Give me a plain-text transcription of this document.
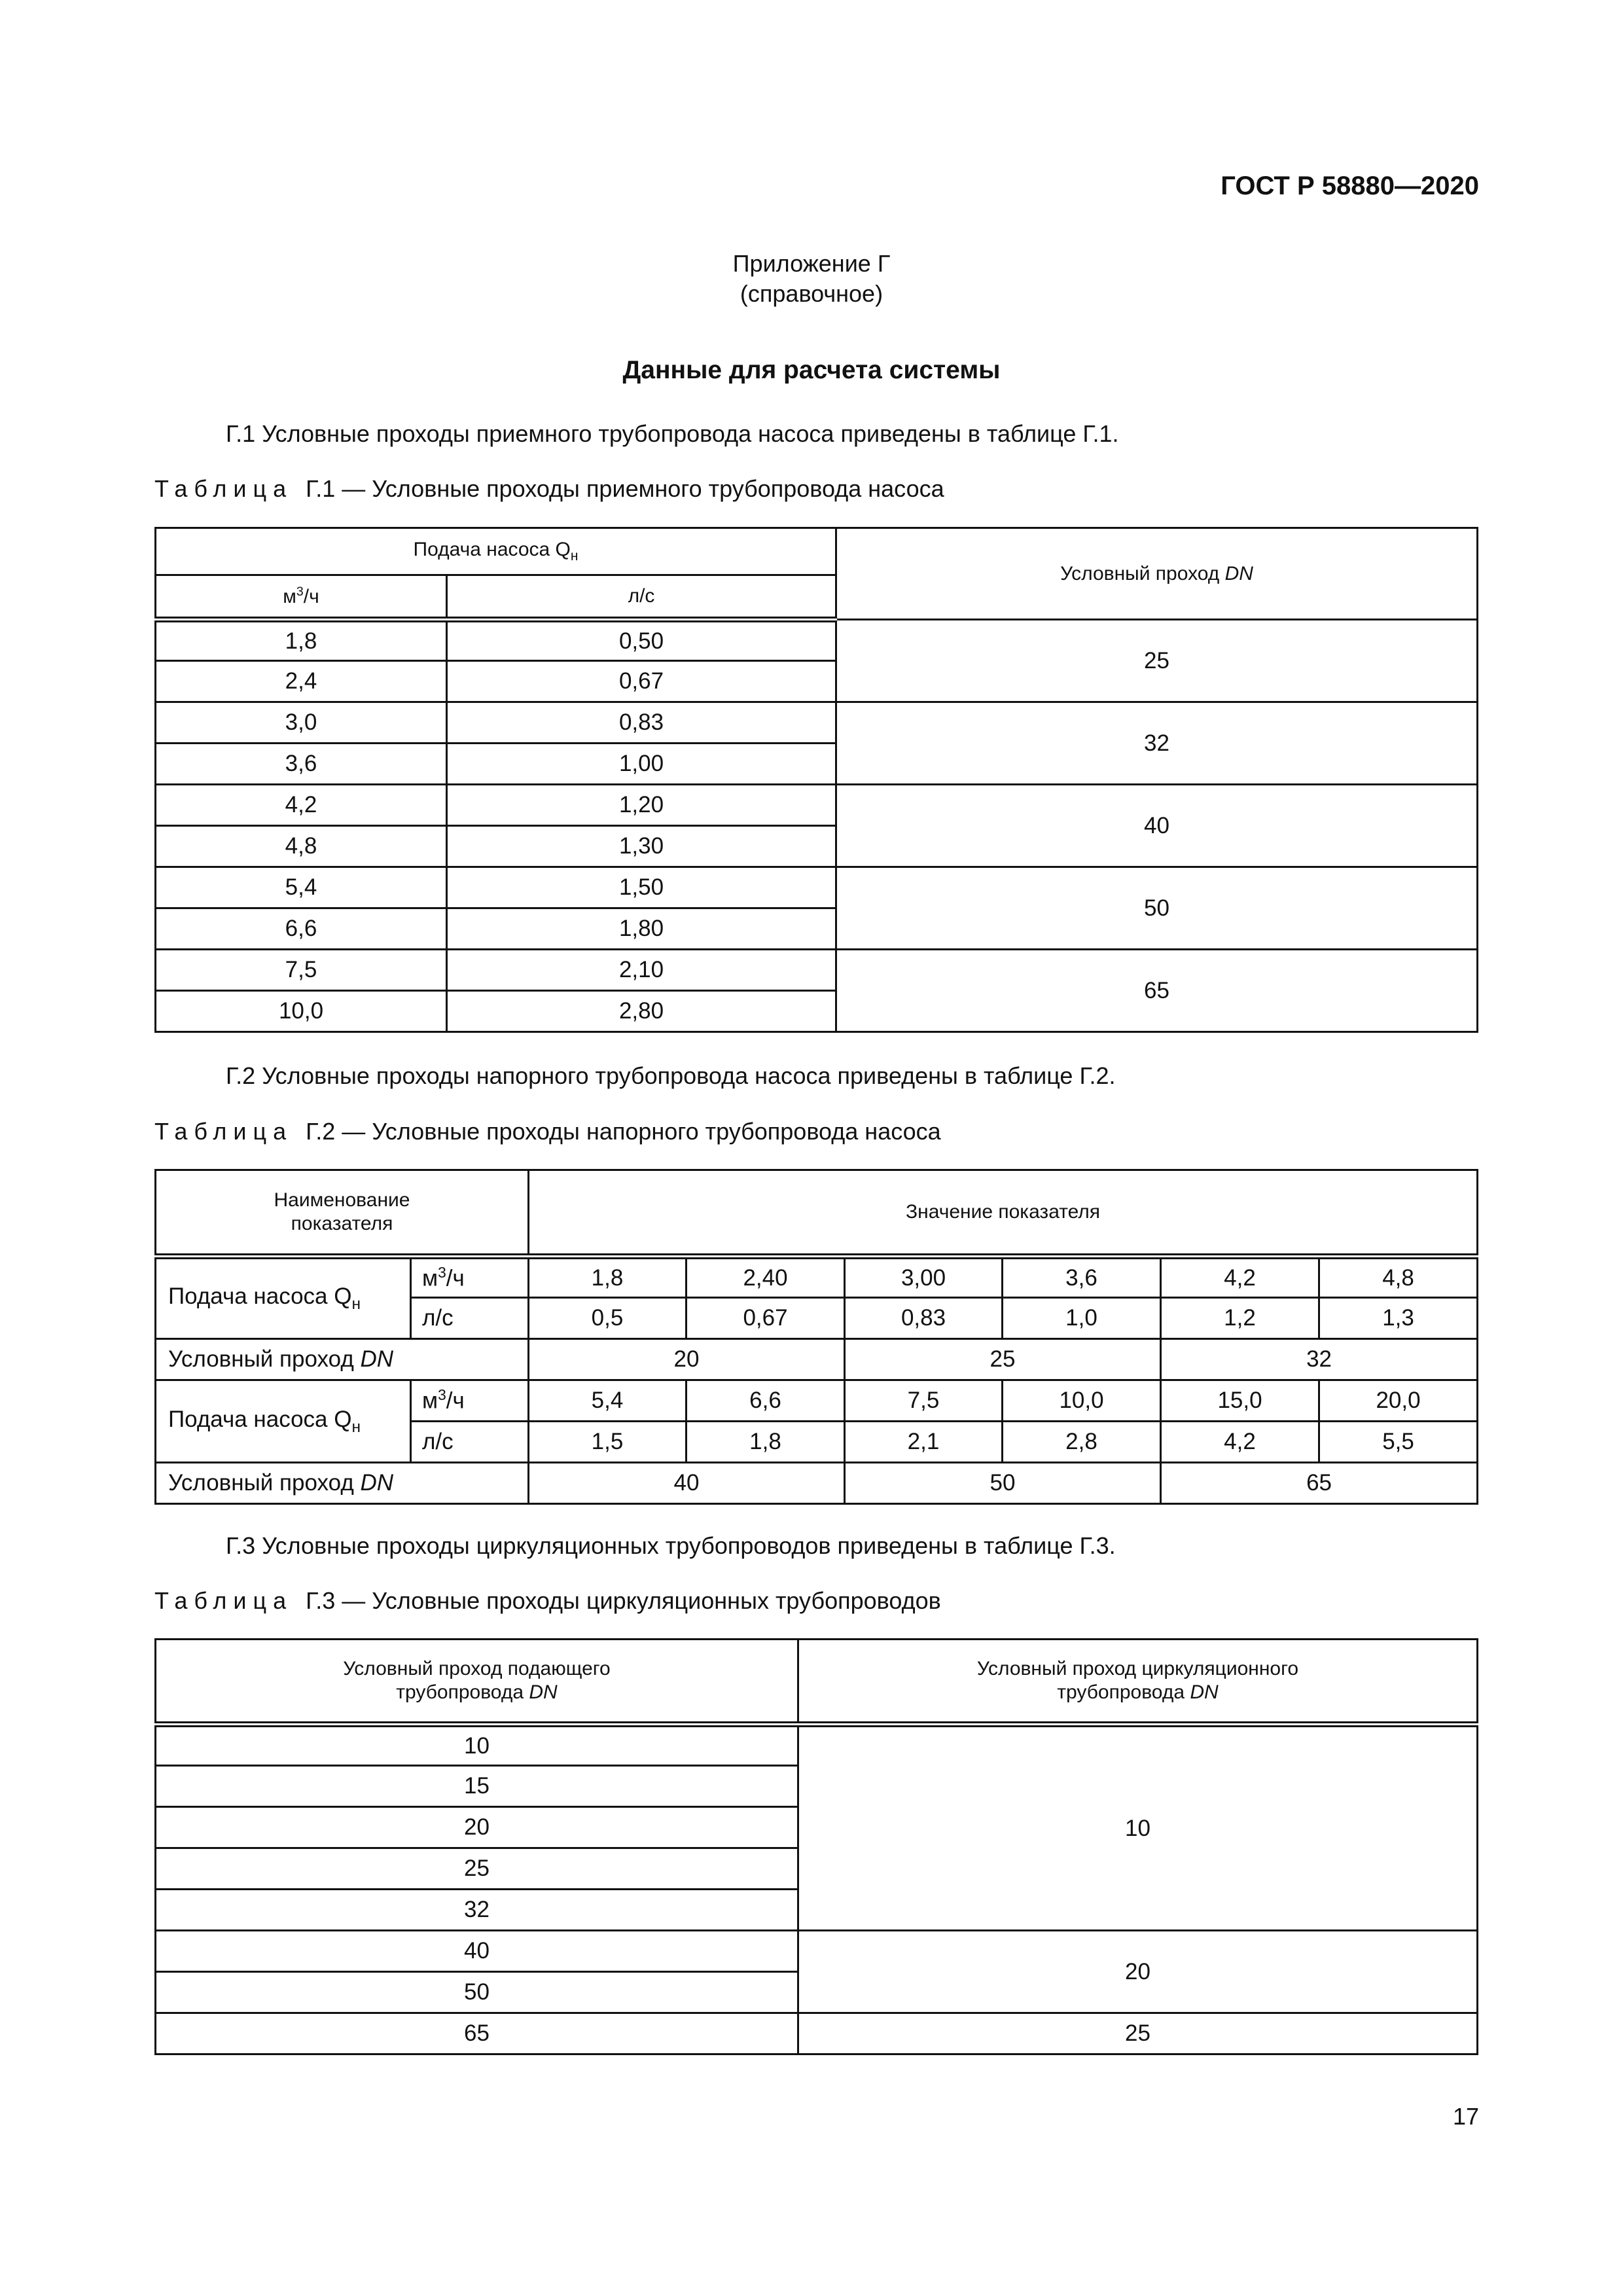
ГОСТ Р 58880—2020
Приложение Г
(справочное)
Данные для расчета системы
Г.1 Условные проходы приемного трубопровода насоса приведены в таблице Г.1.
Таблица Г.1 — Условные проходы приемного трубопровода насоса
Подача насоса $Q_н$		Условный проход DN
$м^3/ч$	л/с	
1,8	0,50	25
2,4	0,67	
3,0	0,83	32
3,6	1,00	
4,2	1,20	40
4,8	1,30	
5,4	1,50	50
6,6	1,80	
7,5	2,10	65
10,0	2,80	
Г.2 Условные проходы напорного трубопровода насоса приведены в таблице Г.2.
Таблица Г.2 — Условные проходы напорного трубопровода насоса
Наименование
показателя		Значение показателя					
Подача насоса $Q_н$	$м^3/ч$	1,8	2,40	3,00	3,6	4,2	4,8
	л/с	0,5	0,67	0,83	1,0	1,2	1,3
Условный проход DN		20		25		32	
Подача насоса $Q_н$	$м^3/ч$	5,4	6,6	7,5	10,0	15,0	20,0
	л/с	1,5	1,8	2,1	2,8	4,2	5,5
Условный проход DN		40		50		65	
Г.3 Условные проходы циркуляционных трубопроводов приведены в таблице Г.3.
Таблица Г.3 — Условные проходы циркуляционных трубопроводов
Условный проход подающего
трубопровода DN	Условный проход циркуляционного
трубопровода DN
10	10
15	
20	
25	
32	
40	20
50	
65	25
17
